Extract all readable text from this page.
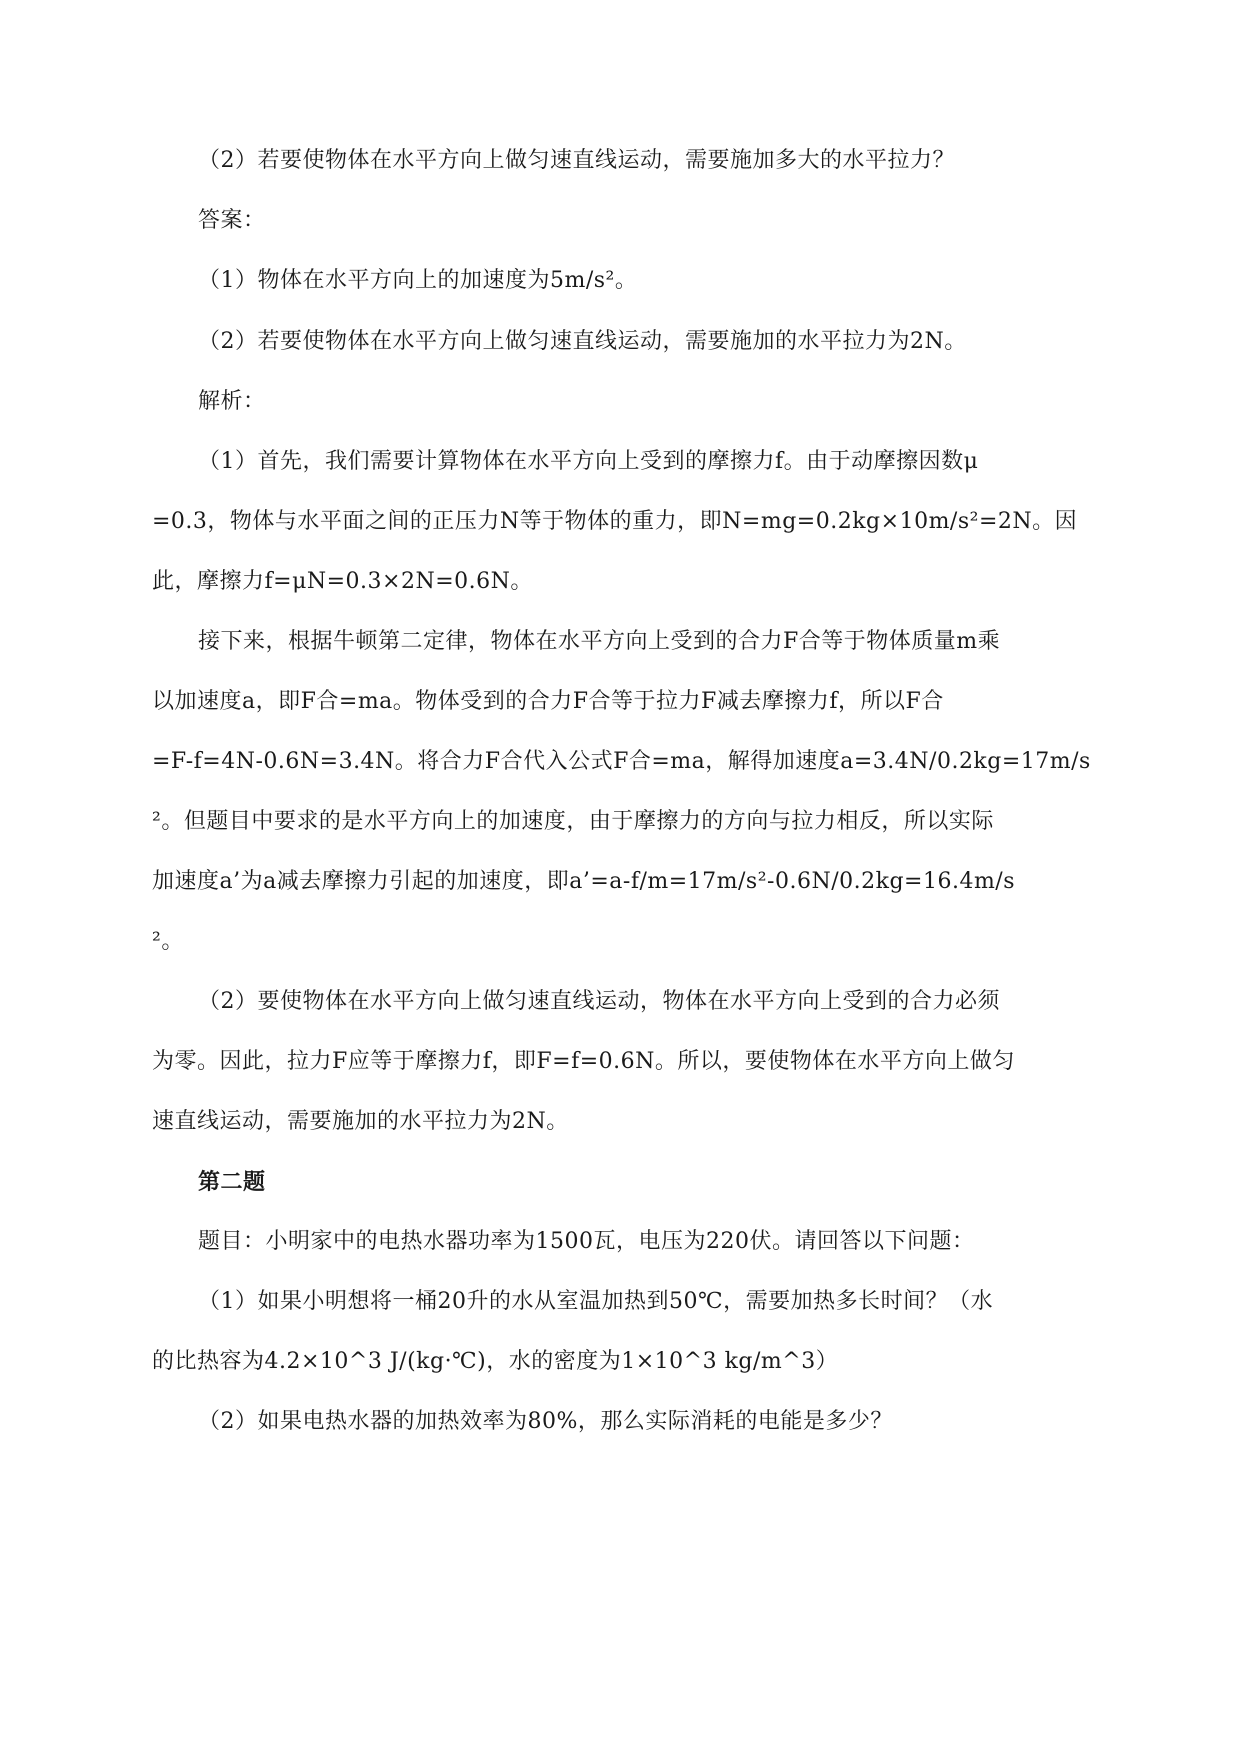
（2）若要使物体在水平方向上做匀速直线运动，需要施加多大的水平拉力？
答案：
（1）物体在水平方向上的加速度为5m/s²。
（2）若要使物体在水平方向上做匀速直线运动，需要施加的水平拉力为2N。
解析：
（1）首先，我们需要计算物体在水平方向上受到的摩擦力f。由于动摩擦因数μ
=0.3，物体与水平面之间的正压力N等于物体的重力，即N=mg=0.2kg×10m/s²=2N。因
此，摩擦力f=μN=0.3×2N=0.6N。
接下来，根据牛顿第二定律，物体在水平方向上受到的合力F合等于物体质量m乘
以加速度a，即F合=ma。物体受到的合力F合等于拉力F减去摩擦力f，所以F合
=F-f=4N-0.6N=3.4N。将合力F合代入公式F合=ma，解得加速度a=3.4N/0.2kg=17m/s
²。但题目中要求的是水平方向上的加速度，由于摩擦力的方向与拉力相反，所以实际
加速度a’为a减去摩擦力引起的加速度，即a’=a-f/m=17m/s²-0.6N/0.2kg=16.4m/s
²。
（2）要使物体在水平方向上做匀速直线运动，物体在水平方向上受到的合力必须
为零。因此，拉力F应等于摩擦力f，即F=f=0.6N。所以，要使物体在水平方向上做匀
速直线运动，需要施加的水平拉力为2N。
第二题
题目：小明家中的电热水器功率为1500瓦，电压为220伏。请回答以下问题：
（1）如果小明想将一桶20升的水从室温加热到50℃，需要加热多长时间？（水
的比热容为4.2×10^3 J/(kg·℃)，水的密度为1×10^3 kg/m^3）
（2）如果电热水器的加热效率为80%，那么实际消耗的电能是多少？
